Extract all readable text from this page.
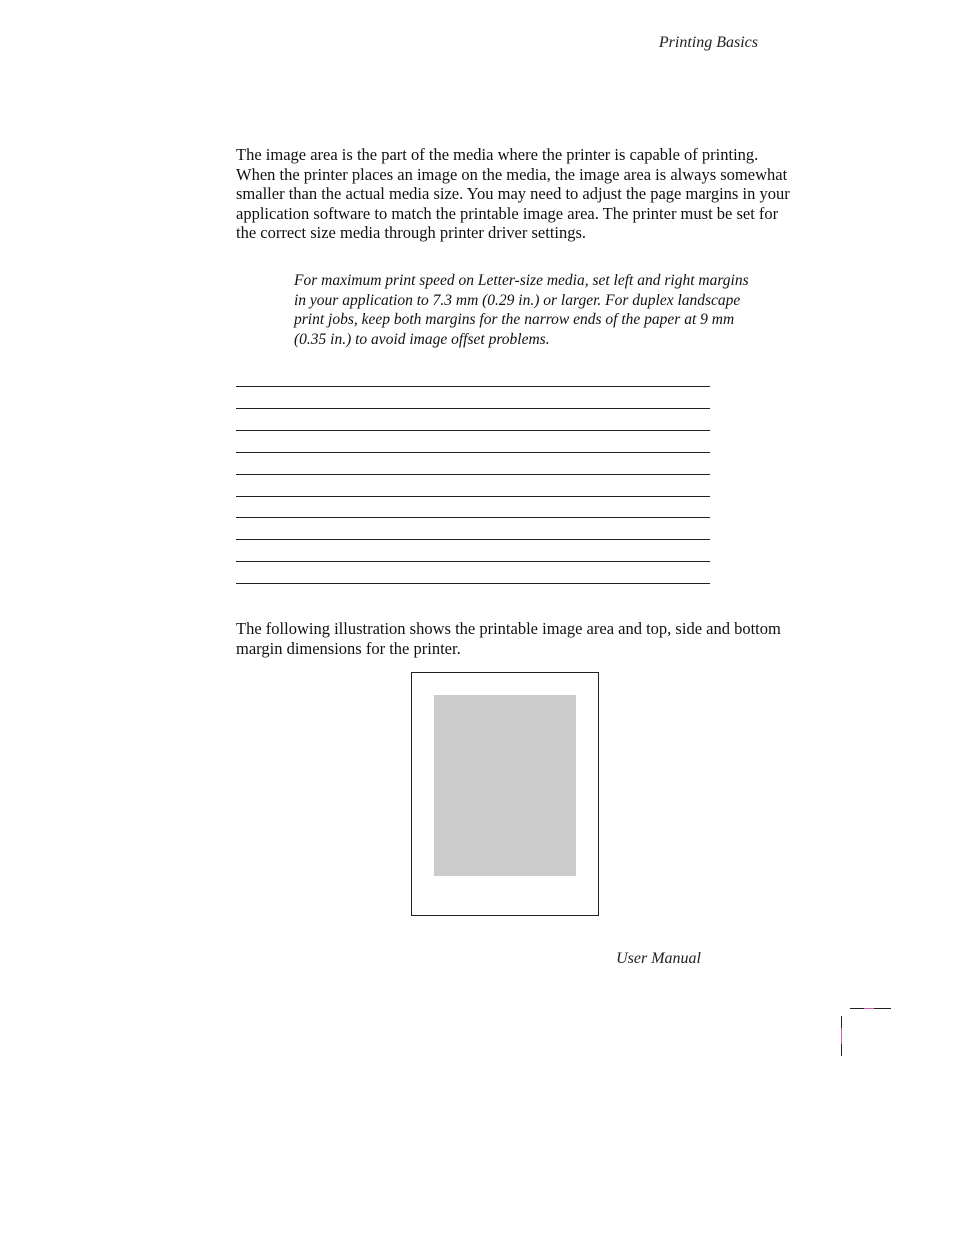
Printing Basics

The image area is the part of the media where the printer is capable of printing. When the printer places an image on the media, the image area is always somewhat smaller than the actual media size. You may need to adjust the page margins in your application software to match the printable image area. The printer must be set for the correct size media through printer driver settings.

For maximum print speed on Letter-size media, set left and right margins in your application to 7.3 mm (0.29 in.) or larger. For duplex landscape print jobs, keep both margins for the narrow ends of the paper at 9 mm (0.35 in.) to avoid image offset problems.

The following illustration shows the printable image area and top, side and bottom margin dimensions for the printer.

User Manual
